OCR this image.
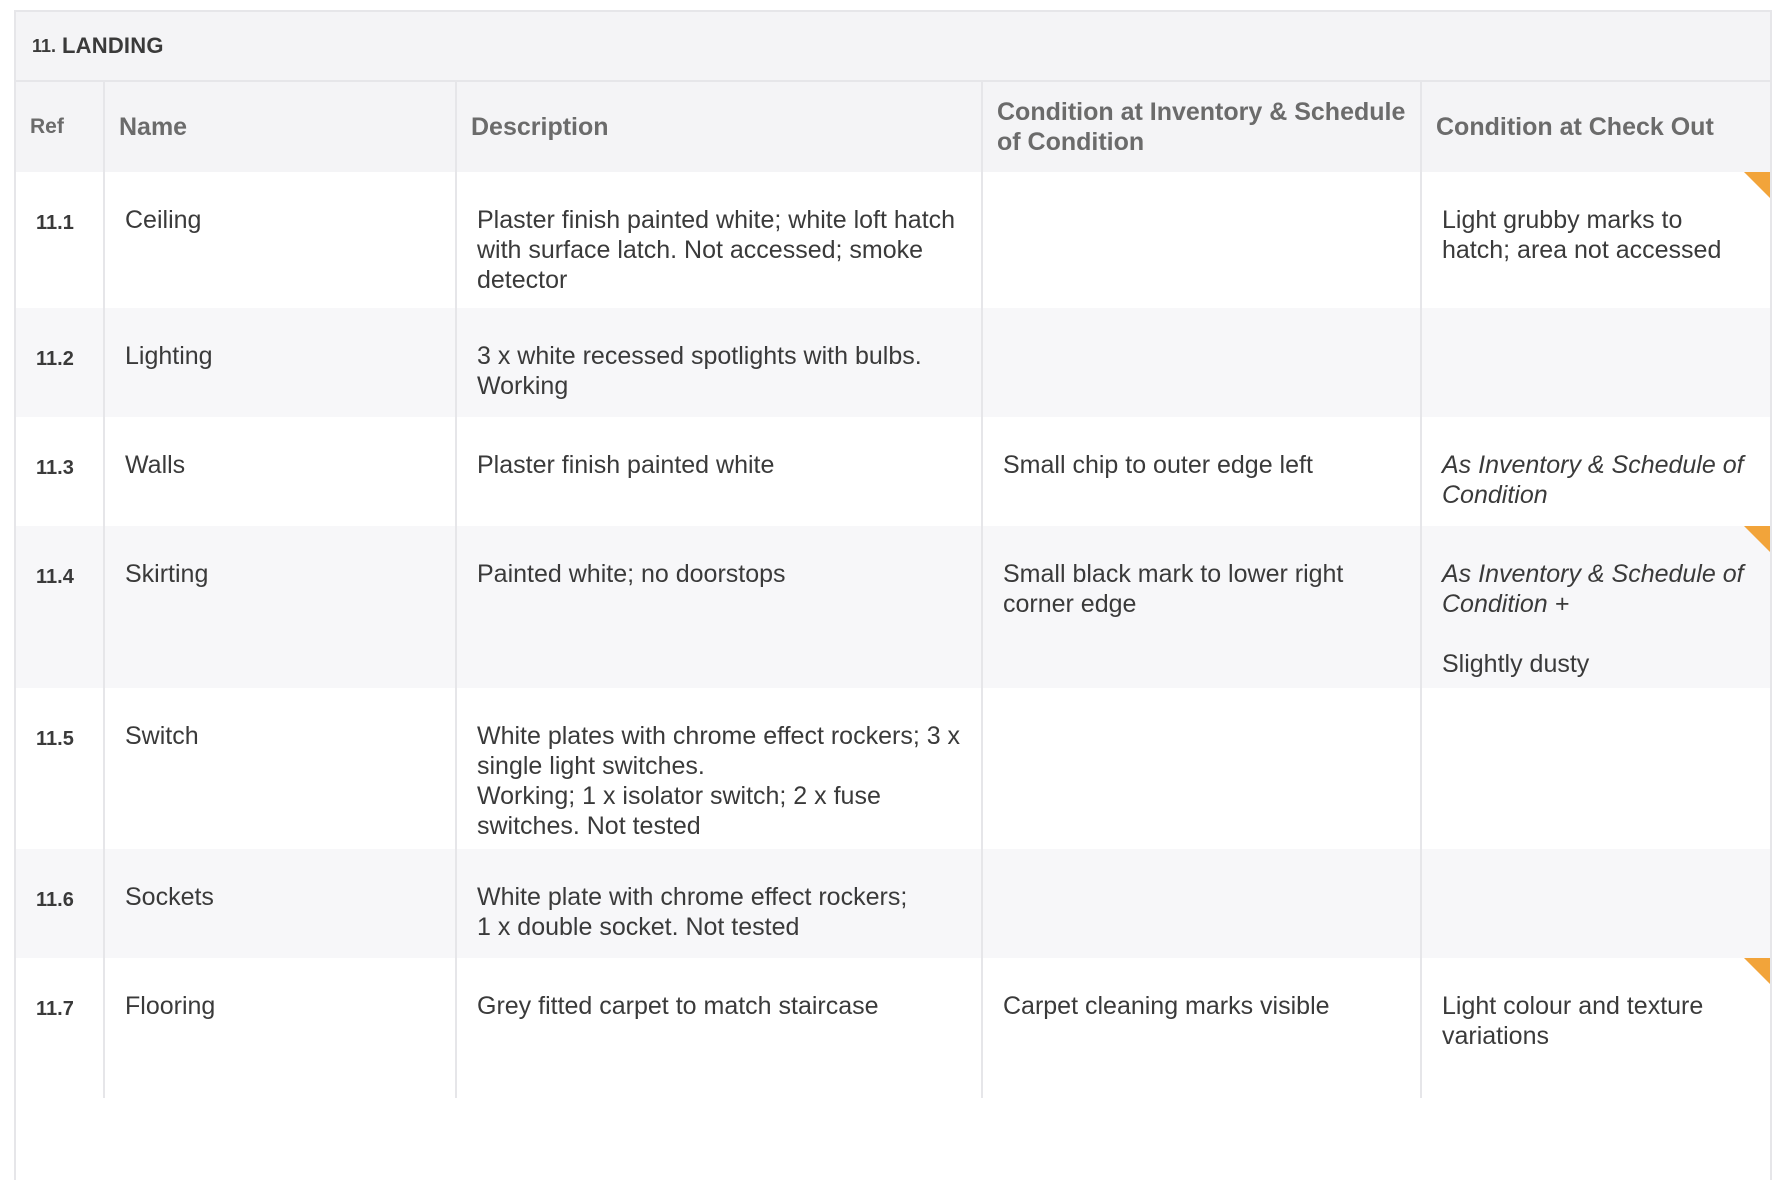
11. LANDING
Ref	Name	Description	Condition at Inventory & Schedule of Condition	Condition at Check Out
11.1	Ceiling	Plaster finish painted white; white loft hatch with surface latch. Not accessed; smoke detector		Light grubby marks to hatch; area not accessed

11.2	Lighting	3 x white recessed spotlights with bulbs. Working		
11.3	Walls	Plaster finish painted white	Small chip to outer edge left	As Inventory & Schedule of Condition

11.4	Skirting	Painted white; no doorstops	Small black mark to lower right corner edge	As Inventory & Schedule of Condition +
Slightly dusty

11.5	Switch	White plates with chrome effect rockers; 3 x single light switches.
Working; 1 x isolator switch; 2 x fuse switches. Not tested		

11.6	Sockets	White plate with chrome effect rockers;
1 x double socket. Not tested		

11.7	Flooring	Grey fitted carpet to match staircase	Carpet cleaning marks visible	Light colour and texture variations
